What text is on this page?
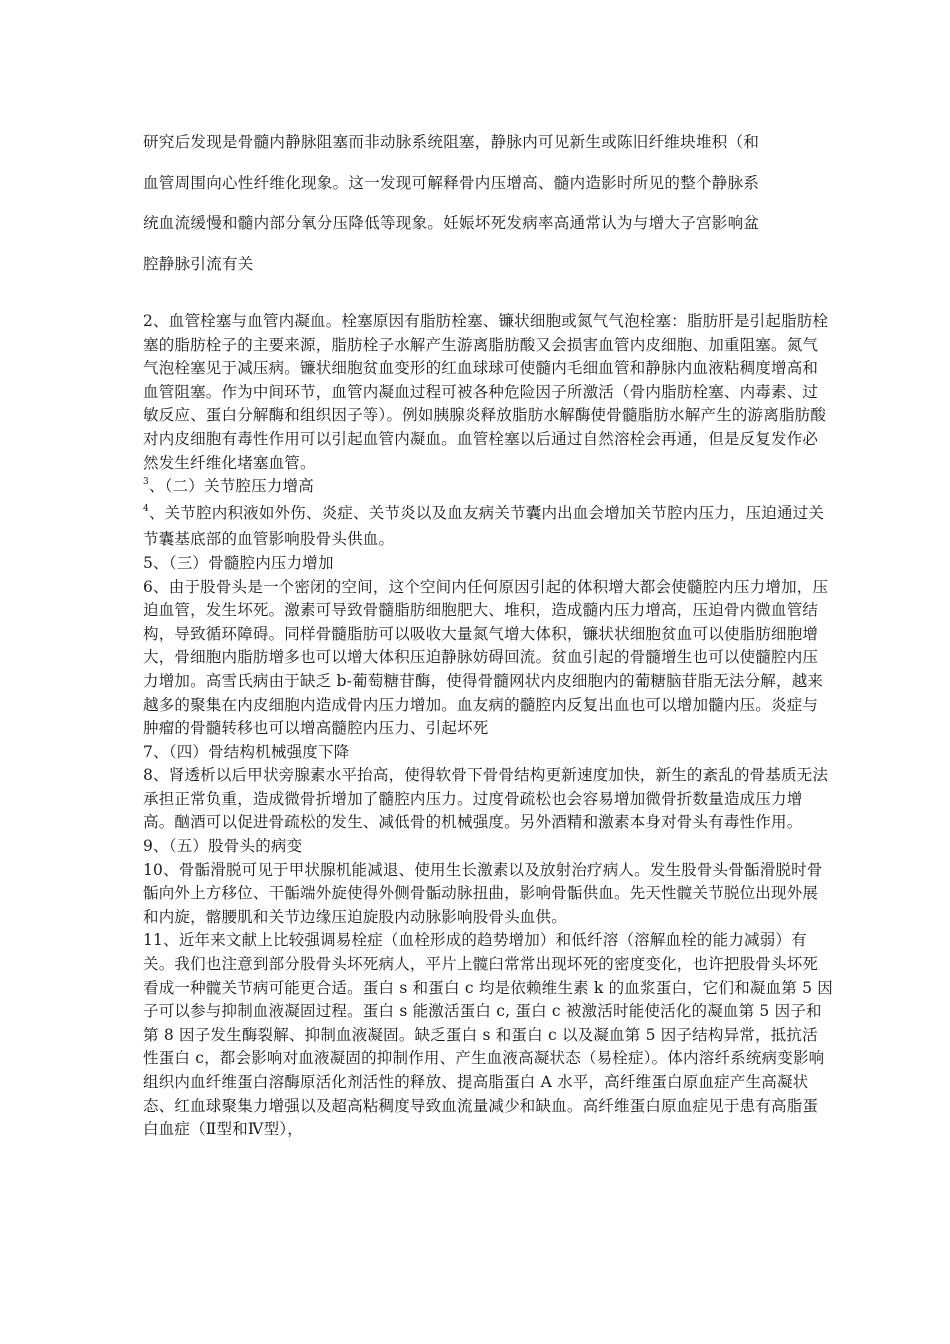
研究后发现是骨髓内静脉阻塞而非动脉系统阻塞，静脉内可见新生或陈旧纤维块堆积（和

血管周围向心性纤维化现象。这一发现可解释骨内压增高、髓内造影时所见的整个静脉系

统血流缓慢和髓内部分氧分压降低等现象。妊娠坏死发病率高通常认为与增大子宫影响盆

腔静脉引流有关

2、血管栓塞与血管内凝血。栓塞原因有脂肪栓塞、镰状细胞或氮气气泡栓塞：脂肪肝是引起脂肪栓塞的脂肪栓子的主要来源，脂肪栓子水解产生游离脂肪酸又会损害血管内皮细胞、加重阻塞。氮气气泡栓塞见于减压病。镰状细胞贫血变形的红血球球可使髓内毛细血管和静脉内血液粘稠度增高和血管阻塞。作为中间环节，血管内凝血过程可被各种危险因子所激活（骨内脂肪栓塞、内毒素、过敏反应、蛋白分解酶和组织因子等）。例如胰腺炎释放脂肪水解酶使骨髓脂肪水解产生的游离脂肪酸对内皮细胞有毒性作用可以引起血管内凝血。血管栓塞以后通过自然溶栓会再通，但是反复发作必然发生纤维化堵塞血管。

$^3$、（二）关节腔压力增高

$^4$、关节腔内积液如外伤、炎症、关节炎以及血友病关节囊内出血会增加关节腔内压力，压迫通过关节囊基底部的血管影响股骨头供血。

5、（三）骨髓腔内压力增加

6、由于股骨头是一个密闭的空间，这个空间内任何原因引起的体积增大都会使髓腔内压力增加，压迫血管，发生坏死。激素可导致骨髓脂肪细胞肥大、堆积，造成髓内压力增高，压迫骨内微血管结构，导致循环障碍。同样骨髓脂肪可以吸收大量氮气增大体积，镰状状细胞贫血可以使脂肪细胞增大，骨细胞内脂肪增多也可以增大体积压迫静脉妨碍回流。贫血引起的骨髓增生也可以使髓腔内压力增加。高雪氏病由于缺乏 b-葡萄糖苷酶，使得骨髓网状内皮细胞内的葡糖脑苷脂无法分解，越来越多的聚集在内皮细胞内造成骨内压力增加。血友病的髓腔内反复出血也可以增加髓内压。炎症与肿瘤的骨髓转移也可以增高髓腔内压力、引起坏死

7、（四）骨结构机械强度下降

8、肾透析以后甲状旁腺素水平抬高，使得软骨下骨骨结构更新速度加快，新生的紊乱的骨基质无法承担正常负重，造成微骨折增加了髓腔内压力。过度骨疏松也会容易增加微骨折数量造成压力增高。酗酒可以促进骨疏松的发生、减低骨的机械强度。另外酒精和激素本身对骨头有毒性作用。

9、（五）股骨头的病变

10、骨骺滑脱可见于甲状腺机能减退、使用生长激素以及放射治疗病人。发生股骨头骨骺滑脱时骨骺向外上方移位、干骺端外旋使得外侧骨骺动脉扭曲，影响骨骺供血。先天性髋关节脱位出现外展和内旋，髂腰肌和关节边缘压迫旋股内动脉影响股骨头血供。

11、近年来文献上比较强调易栓症（血栓形成的趋势增加）和低纤溶（溶解血栓的能力减弱）有关。我们也注意到部分股骨头坏死病人，平片上髋臼常常出现坏死的密度变化，也许把股骨头坏死看成一种髋关节病可能更合适。蛋白 s 和蛋白 c 均是依赖维生素 k 的血浆蛋白，它们和凝血第 5 因子可以参与抑制血液凝固过程。蛋白 s 能激活蛋白 c, 蛋白 c 被激活时能使活化的凝血第 5 因子和第 8 因子发生酶裂解、抑制血液凝固。缺乏蛋白 s 和蛋白 c 以及凝血第 5 因子结构异常，抵抗活性蛋白 c，都会影响对血液凝固的抑制作用、产生血液高凝状态（易栓症）。体内溶纤系统病变影响组织内血纤维蛋白溶酶原活化剂活性的释放、提高脂蛋白 A 水平，高纤维蛋白原血症产生高凝状态、红血球聚集力增强以及超高粘稠度导致血流量减少和缺血。高纤维蛋白原血症见于患有高脂蛋白血症（Ⅱ型和Ⅳ型），
